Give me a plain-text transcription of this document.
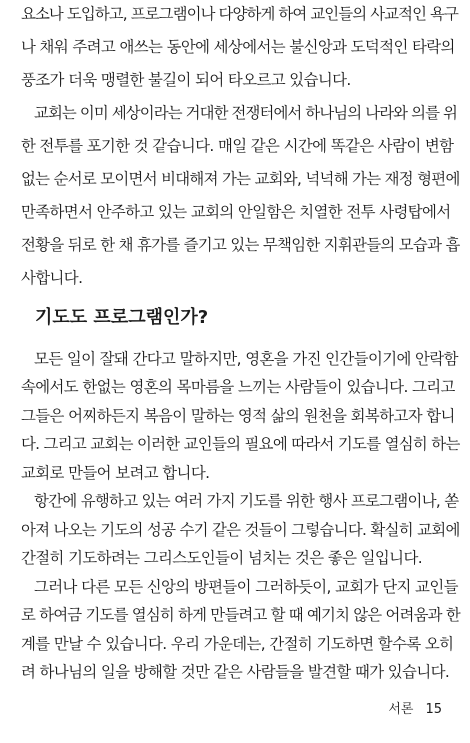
요소나 도입하고, 프로그램이나 다양하게 하여 교인들의 사교적인 욕구
나 채워 주려고 애쓰는 동안에 세상에서는 불신앙과 도덕적인 타락의
풍조가 더욱 맹렬한 불길이 되어 타오르고 있습니다.
교회는 이미 세상이라는 거대한 전쟁터에서 하나님의 나라와 의를 위
한 전투를 포기한 것 같습니다. 매일 같은 시간에 똑같은 사람이 변함
없는 순서로 모이면서 비대해져 가는 교회와, 넉넉해 가는 재정 형편에
만족하면서 안주하고 있는 교회의 안일함은 치열한 전투 사령탑에서
전황을 뒤로 한 채 휴가를 즐기고 있는 무책임한 지휘관들의 모습과 흡
사합니다.
기도도 프로그램인가?
모든 일이 잘돼 간다고 말하지만, 영혼을 가진 인간들이기에 안락함
속에서도 한없는 영혼의 목마름을 느끼는 사람들이 있습니다. 그리고
그들은 어찌하든지 복음이 말하는 영적 삶의 원천을 회복하고자 합니
다. 그리고 교회는 이러한 교인들의 필요에 따라서 기도를 열심히 하는
교회로 만들어 보려고 합니다.
항간에 유행하고 있는 여러 가지 기도를 위한 행사 프로그램이나, 쏟
아져 나오는 기도의 성공 수기 같은 것들이 그렇습니다. 확실히 교회에
간절히 기도하려는 그리스도인들이 넘치는 것은 좋은 일입니다.
그러나 다른 모든 신앙의 방편들이 그러하듯이, 교회가 단지 교인들
로 하여금 기도를 열심히 하게 만들려고 할 때 예기치 않은 어려움과 한
계를 만날 수 있습니다. 우리 가운데는, 간절히 기도하면 할수록 오히
려 하나님의 일을 방해할 것만 같은 사람들을 발견할 때가 있습니다.
서론 15
